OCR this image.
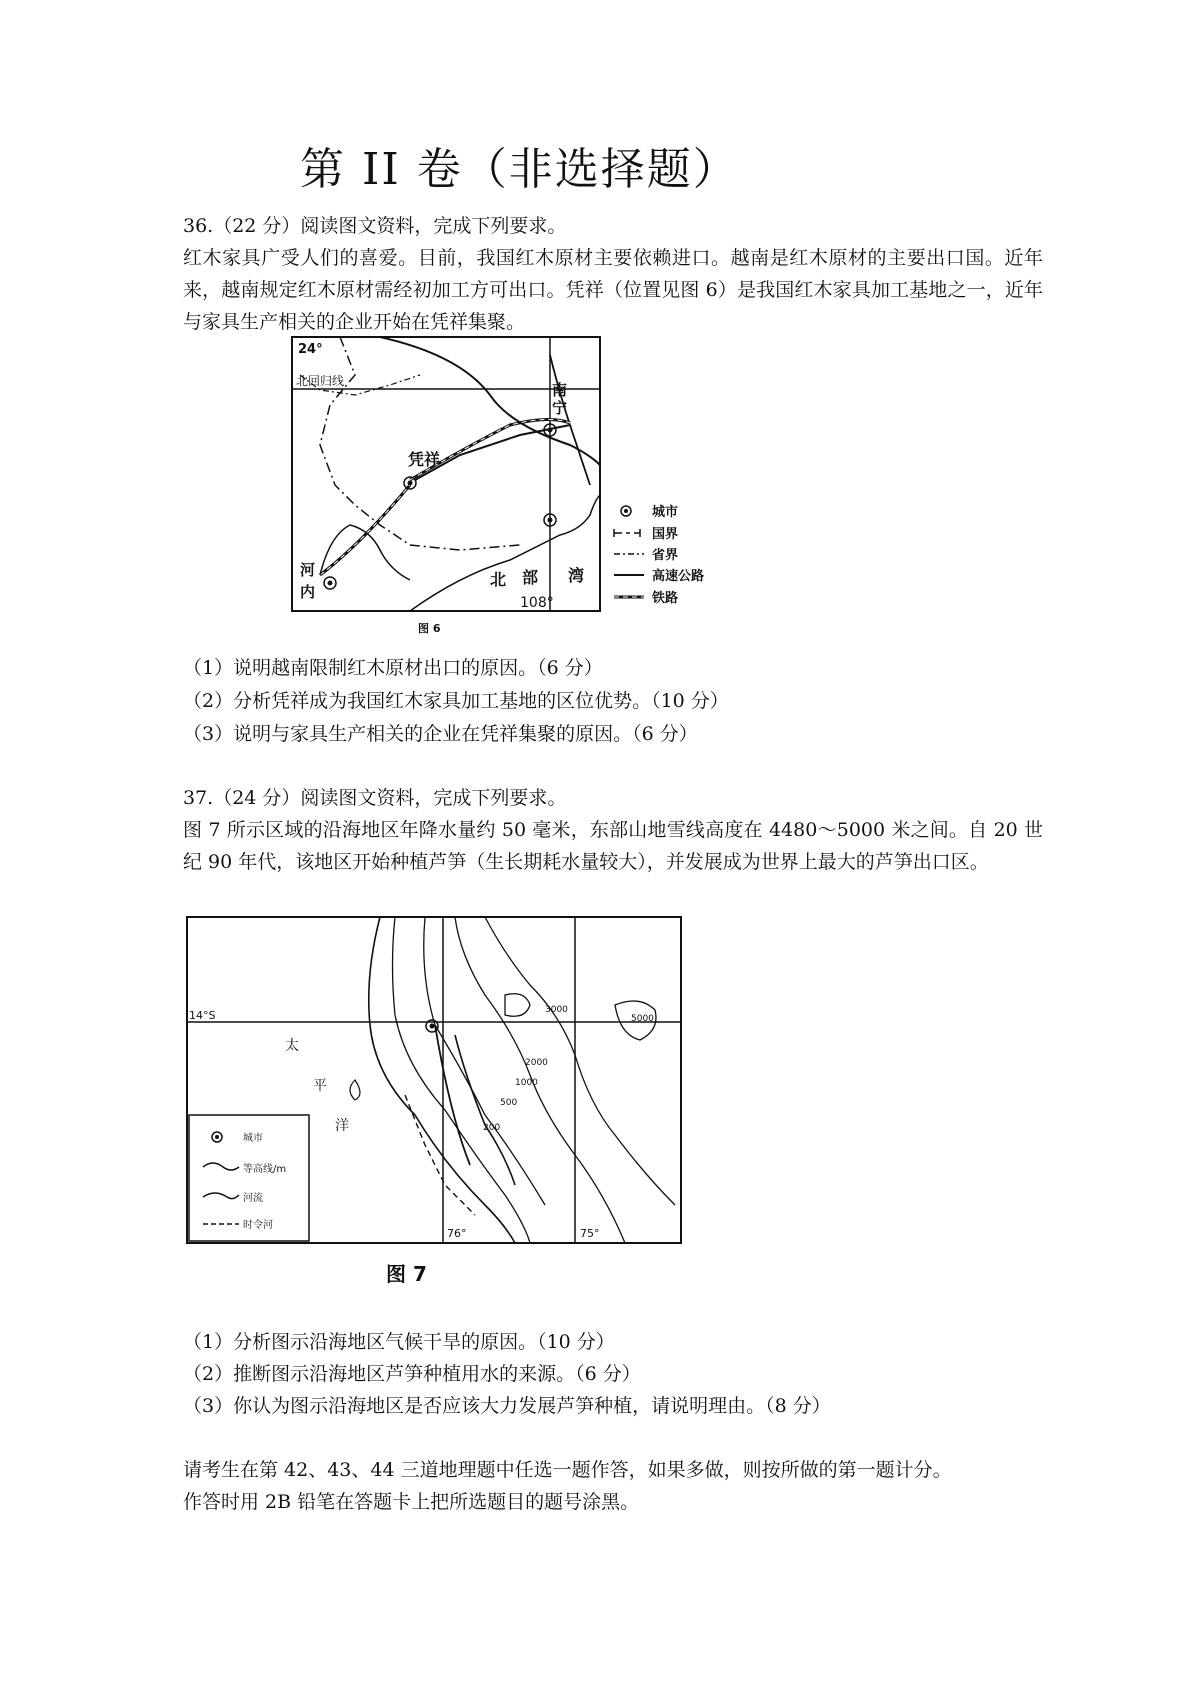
第 II 卷（非选择题）
36.（22 分）阅读图文资料，完成下列要求。
红木家具广受人们的喜爱。目前，我国红木原材主要依赖进口。越南是红木原材的主要出口国。近年来，越南规定红木原材需经初加工方可出口。凭祥（位置见图 6）是我国红木家具加工基地之一，近年与家具生产相关的企业开始在凭祥集聚。
24°
北回归线	南
宁
凭祥
河
内
北 部 湾
108°
城市
国界
省界
高速公路
铁路
图 6
（1）说明越南限制红木原材出口的原因。（6 分）
（2）分析凭祥成为我国红木家具加工基地的区位优势。（10 分）
（3）说明与家具生产相关的企业在凭祥集聚的原因。（6 分）
37.（24 分）阅读图文资料，完成下列要求。
图 7 所示区域的沿海地区年降水量约 50 毫米，东部山地雪线高度在 4480～5000 米之间。自 20 世纪 90 年代，该地区开始种植芦笋（生长期耗水量较大），并发展成为世界上最大的芦笋出口区。
14°S
76°	75°
太
平
洋
5000
3000
2000
1000
500
200
城市
等高线/m
河流
时令河
图 7
（1）分析图示沿海地区气候干旱的原因。（10 分）
（2）推断图示沿海地区芦笋种植用水的来源。（6 分）
（3）你认为图示沿海地区是否应该大力发展芦笋种植，请说明理由。（8 分）
请考生在第 42、43、44 三道地理题中任选一题作答，如果多做，则按所做的第一题计分。
作答时用 2B 铅笔在答题卡上把所选题目的题号涂黑。
